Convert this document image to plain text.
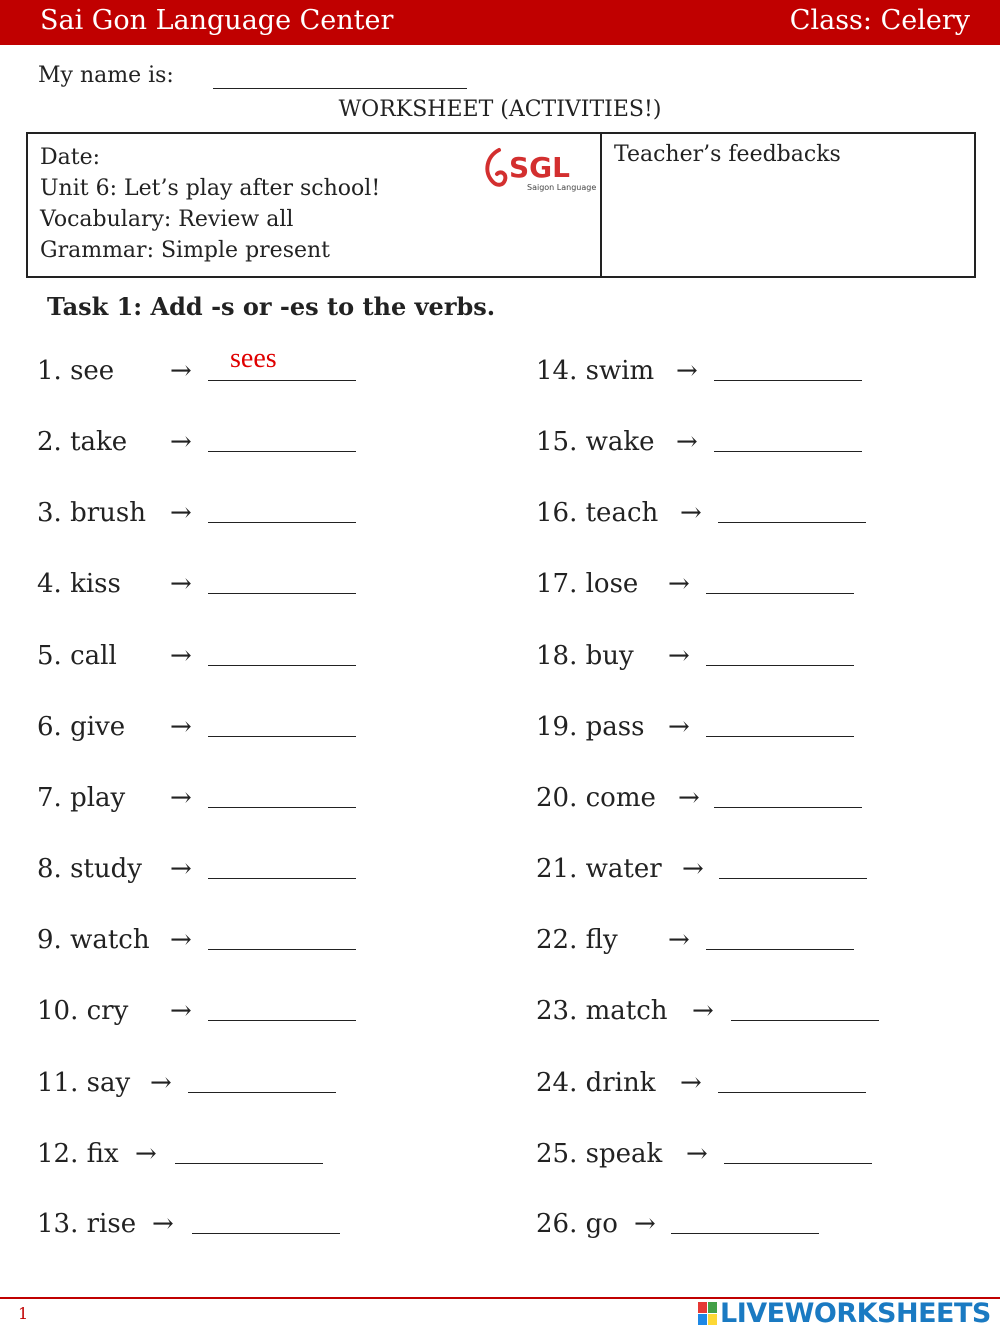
Sai Gon Language Center	Class: Celery
My name is:
WORKSHEET (ACTIVITIES!)
Date:
Unit 6: Let’s play after school!
Vocabulary: Review all
Grammar: Simple present
SGL
Saigon Language
Teacher’s feedbacks
Task 1: Add -s or -es to the verbs.
1. see → sees
2. take →
3. brush →
4. kiss →
5. call →
6. give →
7. play →
8. study →
9. watch →
10. cry →
11. say →
12. fix →
13. rise →
14. swim →
15. wake →
16. teach →
17. lose →
18. buy →
19. pass →
20. come →
21. water →
22. fly →
23. match →
24. drink →
25. speak →
26. go →
1	LIVEWORKSHEETS
